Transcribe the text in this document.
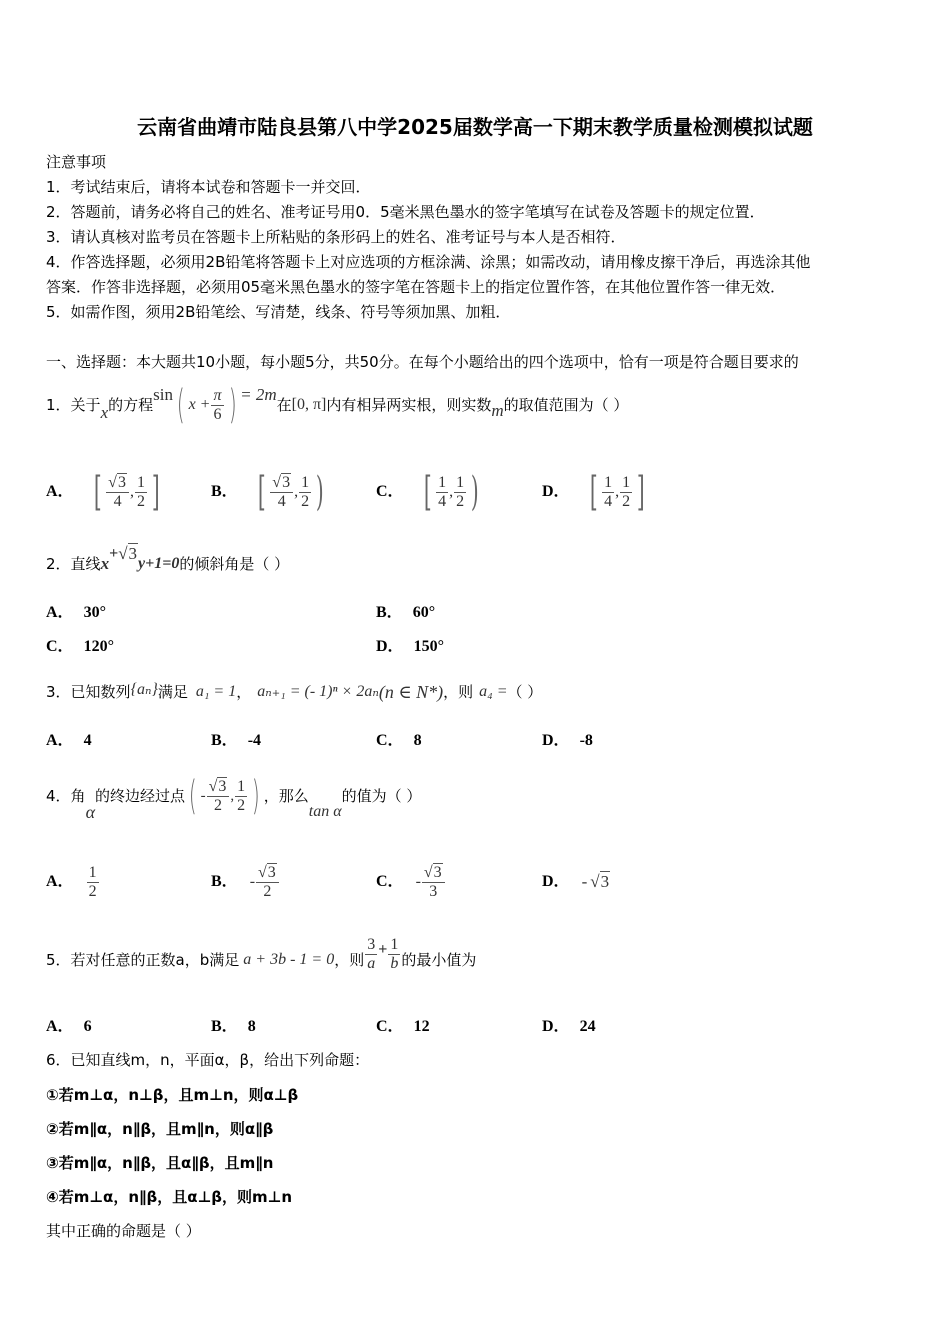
云南省曲靖市陆良县第八中学2025届数学高一下期末教学质量检测模拟试题
注意事项
1．考试结束后，请将本试卷和答题卡一并交回．
2．答题前，请务必将自己的姓名、准考证号用0．5毫米黑色墨水的签字笔填写在试卷及答题卡的规定位置．
3．请认真核对监考员在答题卡上所粘贴的条形码上的姓名、准考证号与本人是否相符．
4．作答选择题，必须用2B铅笔将答题卡上对应选项的方框涂满、涂黑；如需改动，请用橡皮擦干净后，再选涂其他
答案．作答非选择题，必须用05毫米黑色墨水的签字笔在答题卡上的指定位置作答，在其他位置作答一律无效．
5．如需作图，须用2B铅笔绘、写清楚，线条、符号等须加黑、加粗．
一、选择题：本大题共10小题，每小题5分，共50分。在每个小题给出的四个选项中，恰有一项是符合题目要求的
1． 关于 x 的方程
sin ( $x + \frac{\pi}{6}$ ) = 2m
在 [0, π] 内有相异两实根，则实数 m 的取值范围为（ ）
A． [ $\frac{√3}{4}$ , $\frac{1}{2}$ ]	B． [ $\frac{√3}{4}$ , $\frac{1}{2}$ )	C． [ $\frac{1}{4}$ , $\frac{1}{2}$ )	D． [ $\frac{1}{4}$ , $\frac{1}{2}$ ]
2． 直线 x
+ √3
y+1=0 的倾斜角是（ ）
A． 30°	B． 60°
C． 120°	D． 150°
3． 已知数列 {aₙ} 满足 a₁ = 1 ， aₙ₊₁ = (- 1)ⁿ × 2aₙ (n ∈ N*) ，则 a₄ = （ ）
A． 4	B． -4	C． 8	D． -8
4． 角
α
的终边经过点 ( - $\frac{√3}{2}$ , $\frac{1}{2}$ ) ，那么
tan α
的值为（ ）
A． $\frac{1}{2}$	B． - $\frac{√3}{2}$	C． - $\frac{√3}{3}$	D． - √3
5． 若对任意的正数a，b满足 a + 3b - 1 = 0 ，则 $\frac{3}{a} + \frac{1}{b}$ 的最小值为
A． 6	B． 8	C． 12	D． 24
6．已知直线m，n，平面α，β，给出下列命题：
①若m⊥α，n⊥β，且m⊥n，则α⊥β
②若m∥α，n∥β，且m∥n，则α∥β
③若m∥α，n∥β，且α∥β，且m∥n
④若m⊥α，n∥β，且α⊥β，则m⊥n
其中正确的命题是（ ）
